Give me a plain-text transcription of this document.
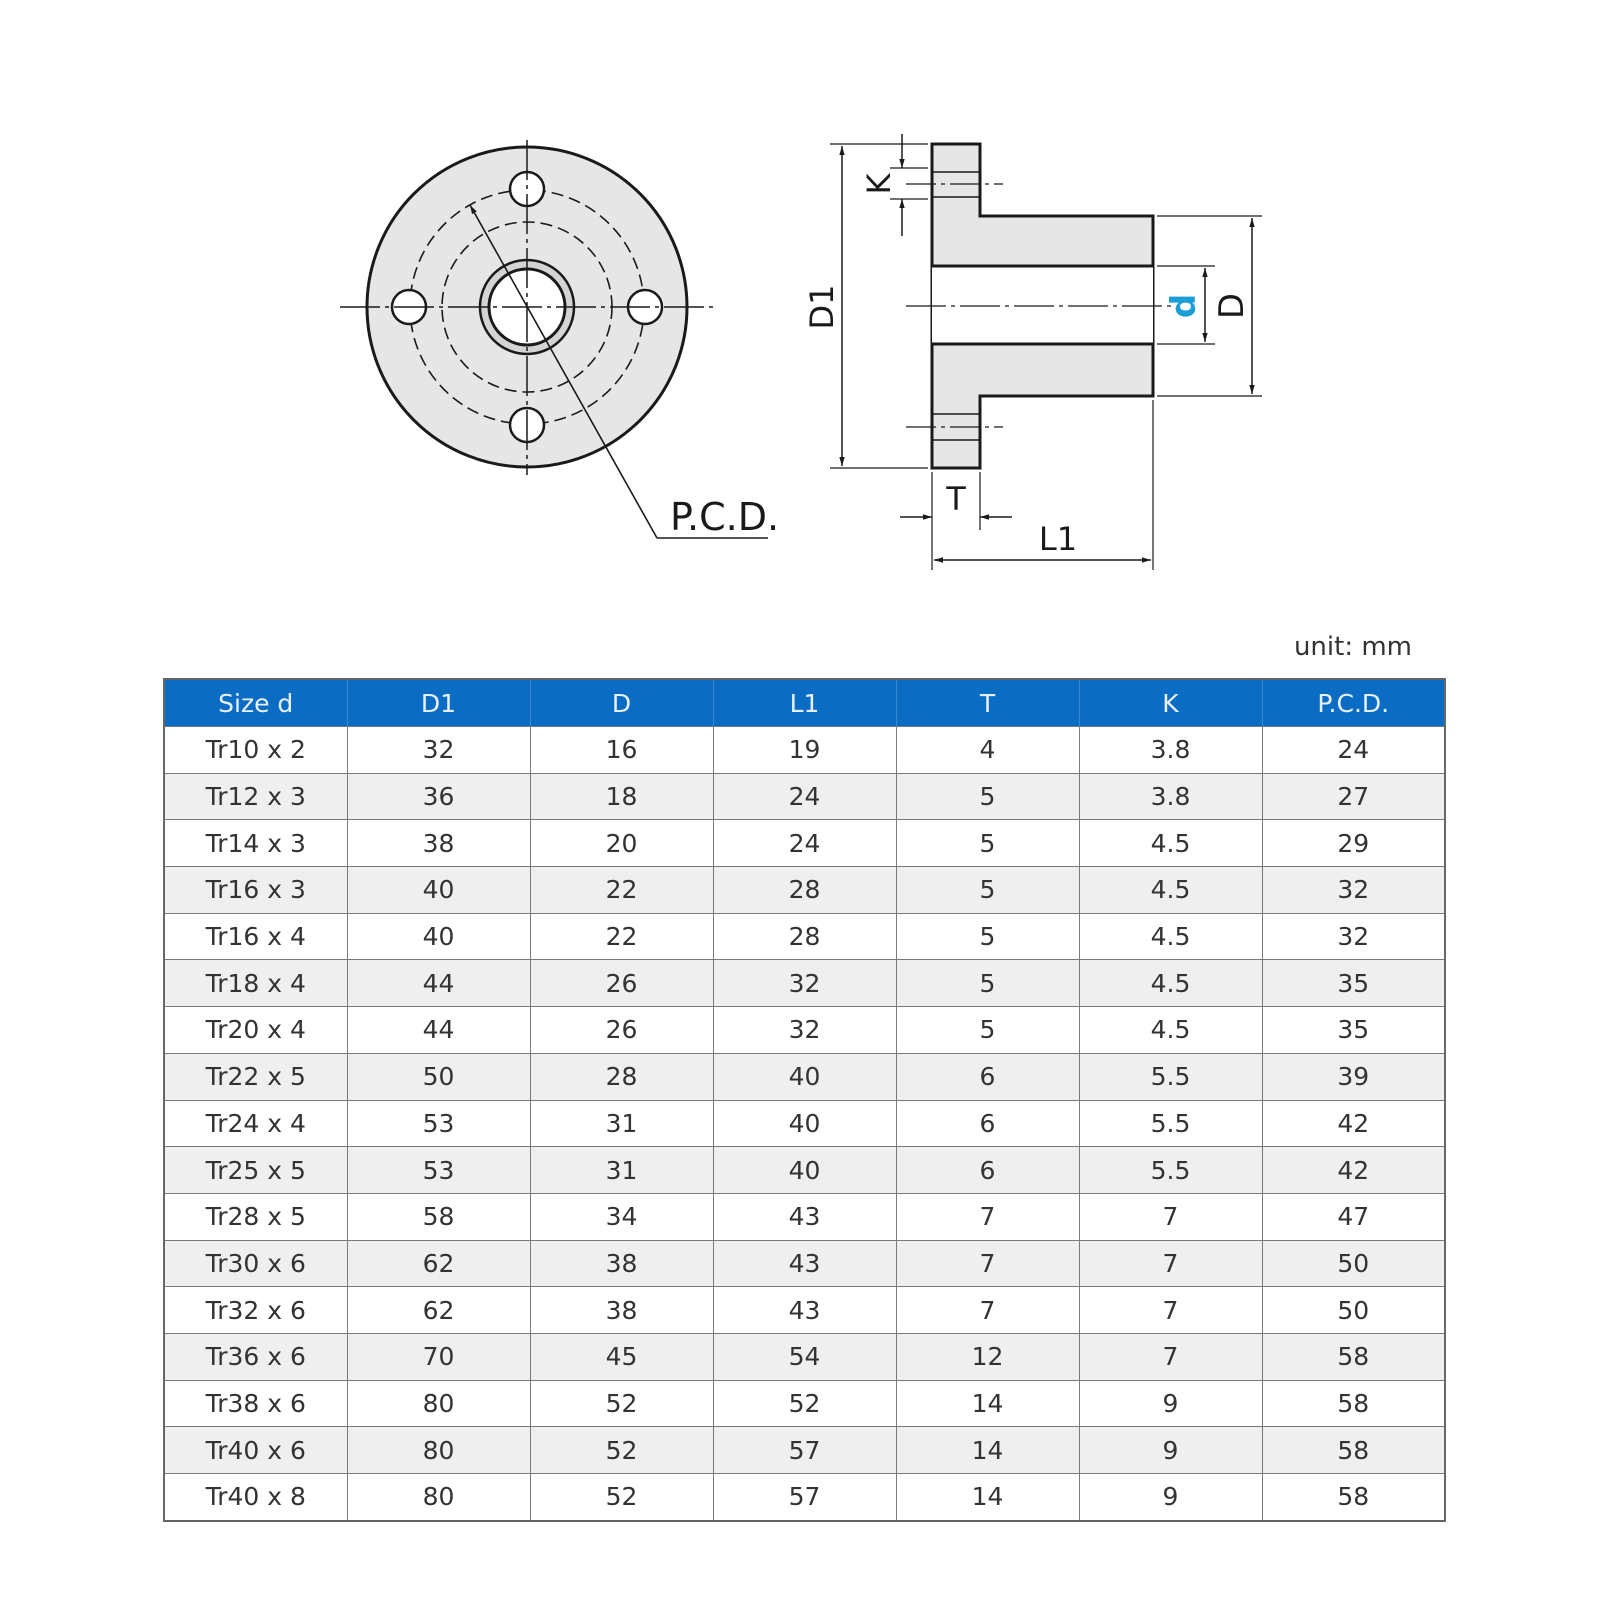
P.C.D.
D1
K
d D
T
L1
unit: mm
Size d	D1	D	L1	T	K	P.C.D.
Tr10 x 2	32	16	19	4	3.8	24
Tr12 x 3	36	18	24	5	3.8	27
Tr14 x 3	38	20	24	5	4.5	29
Tr16 x 3	40	22	28	5	4.5	32
Tr16 x 4	40	22	28	5	4.5	32
Tr18 x 4	44	26	32	5	4.5	35
Tr20 x 4	44	26	32	5	4.5	35
Tr22 x 5	50	28	40	6	5.5	39
Tr24 x 4	53	31	40	6	5.5	42
Tr25 x 5	53	31	40	6	5.5	42
Tr28 x 5	58	34	43	7	7	47
Tr30 x 6	62	38	43	7	7	50
Tr32 x 6	62	38	43	7	7	50
Tr36 x 6	70	45	54	12	7	58
Tr38 x 6	80	52	52	14	9	58
Tr40 x 6	80	52	57	14	9	58
Tr40 x 8	80	52	57	14	9	58
